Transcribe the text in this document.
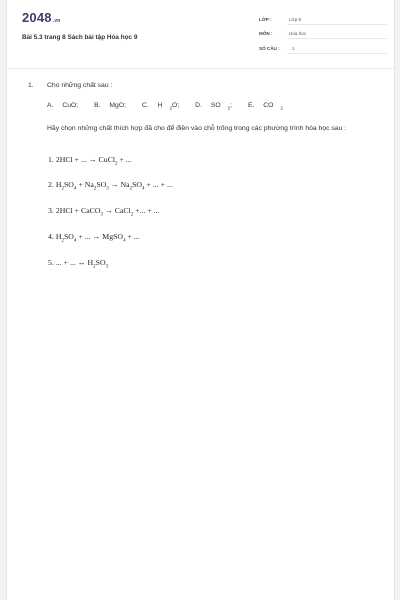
2048.vn
Bài 5.3 trang 8 Sách bài tập Hóa học 9
LỚP :	Lớp 9
MÔN :	Hóa học
SỐ CÂU :	1
1. Cho những chất sau :
A. CuO; B. MgO; C. H $_2$O; D. SO $_2$; E. CO $_2$
Hãy chọn những chất thích hợp đã cho để điền vào chỗ trống trong các phương trình hóa học sau :
1. 2HCl + ... → CuCl$_2$ + ...
2. $H_2SO_4 + Na_2SO_3 \to Na_2SO_4$ + ... + ...
3. 2HCl + CaCO$_3$ → CaCl$_2$ +... + ...
4. $H_2SO_4$ + ... → MgSO$_4$ + ...
5. ... + ... ↔ $H_2SO_3$
